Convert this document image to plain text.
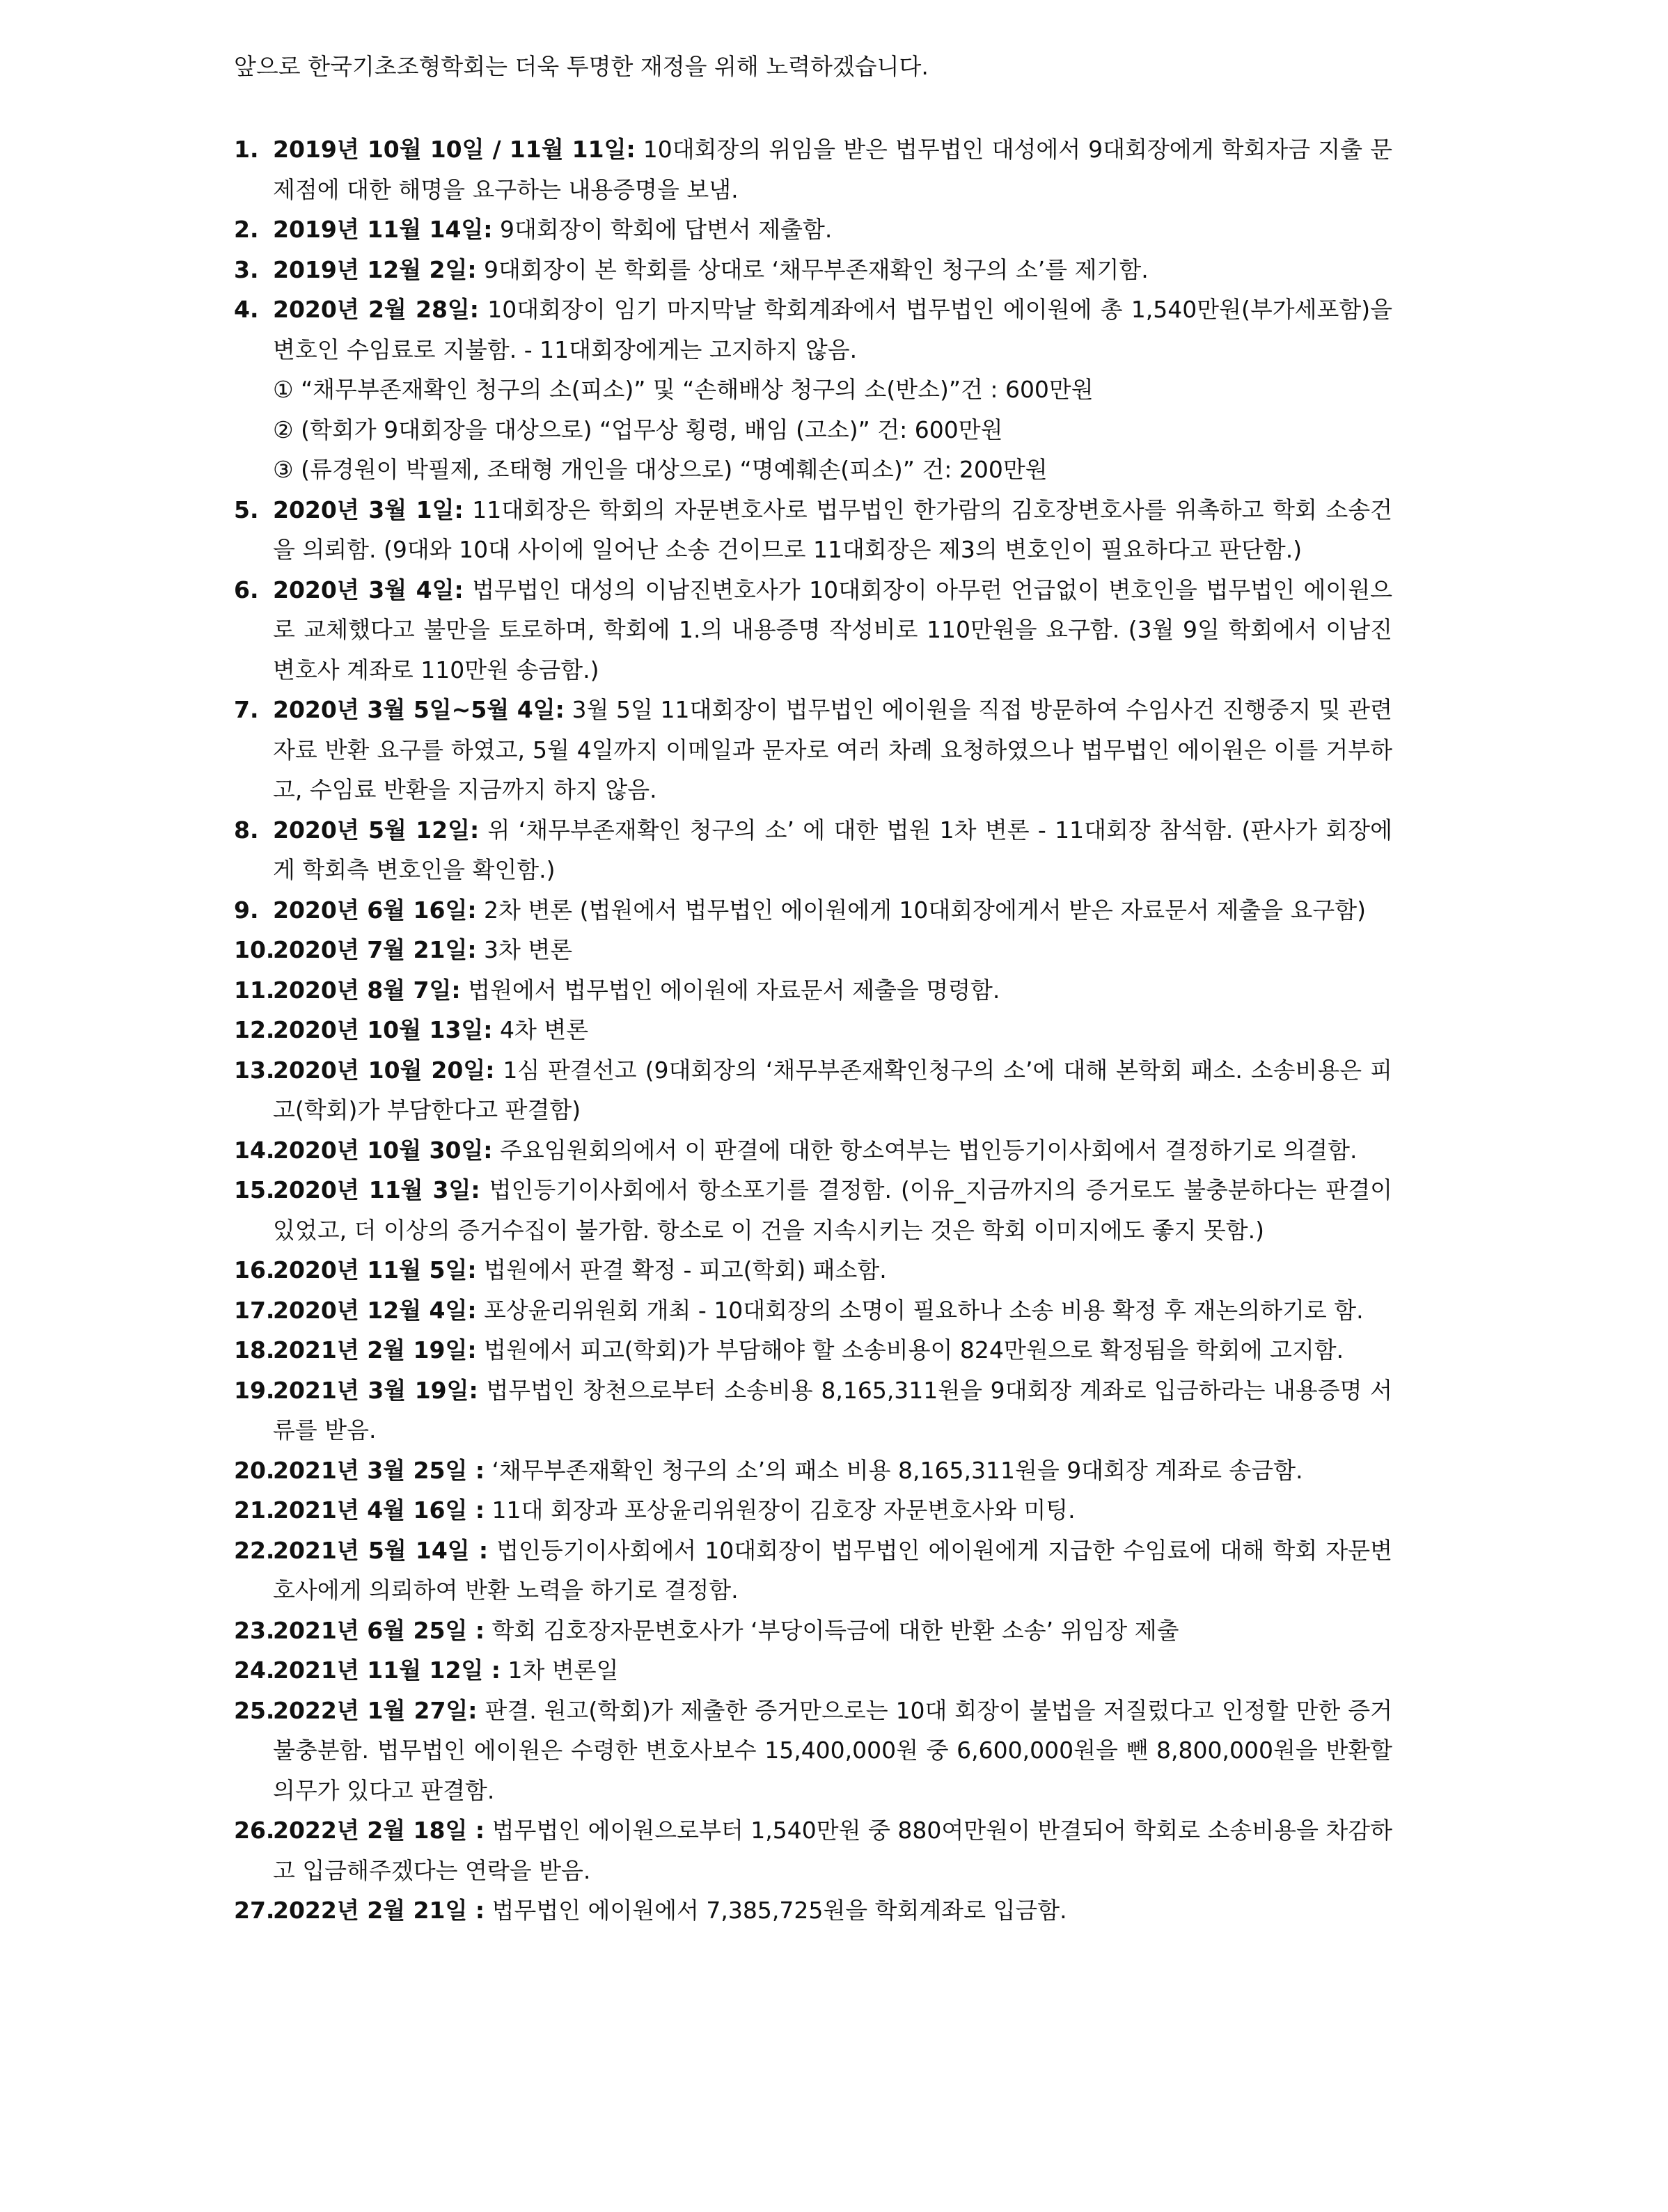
앞으로 한국기초조형학회는 더욱 투명한 재정을 위해 노력하겠습니다.

1. 2019년 10월 10일 / 11월 11일: 10대회장의 위임을 받은 법무법인 대성에서 9대회장에게 학회자금 지출 문제점에 대한 해명을 요구하는 내용증명을 보냄.
2. 2019년 11월 14일: 9대회장이 학회에 답변서 제출함.
3. 2019년 12월 2일: 9대회장이 본 학회를 상대로 ‘채무부존재확인 청구의 소’를 제기함.
4. 2020년 2월 28일: 10대회장이 임기 마지막날 학회계좌에서 법무법인 에이원에 총 1,540만원(부가세포함)을 변호인 수임료로 지불함. - 11대회장에게는 고지하지 않음.
① “채무부존재확인 청구의 소(피소)” 및 “손해배상 청구의 소(반소)”건 : 600만원
② (학회가 9대회장을 대상으로) “업무상 횡령, 배임 (고소)” 건: 600만원
③ (류경원이 박필제, 조태형 개인을 대상으로) “명예훼손(피소)” 건: 200만원
5. 2020년 3월 1일: 11대회장은 학회의 자문변호사로 법무법인 한가람의 김호장변호사를 위촉하고 학회 소송건을 의뢰함. (9대와 10대 사이에 일어난 소송 건이므로 11대회장은 제3의 변호인이 필요하다고 판단함.)
6. 2020년 3월 4일: 법무법인 대성의 이남진변호사가 10대회장이 아무런 언급없이 변호인을 법무법인 에이원으로 교체했다고 불만을 토로하며, 학회에 1.의 내용증명 작성비로 110만원을 요구함. (3월 9일 학회에서 이남진변호사 계좌로 110만원 송금함.)
7. 2020년 3월 5일~5월 4일: 3월 5일 11대회장이 법무법인 에이원을 직접 방문하여 수임사건 진행중지 및 관련자료 반환 요구를 하였고, 5월 4일까지 이메일과 문자로 여러 차례 요청하였으나 법무법인 에이원은 이를 거부하고, 수임료 반환을 지금까지 하지 않음.
8. 2020년 5월 12일: 위 ‘채무부존재확인 청구의 소’ 에 대한 법원 1차 변론 - 11대회장 참석함. (판사가 회장에게 학회측 변호인을 확인함.)
9. 2020년 6월 16일: 2차 변론 (법원에서 법무법인 에이원에게 10대회장에게서 받은 자료문서 제출을 요구함)
10.
2020년 7월 21일: 3차 변론
11.
2020년 8월 7일: 법원에서 법무법인 에이원에 자료문서 제출을 명령함.
12.
2020년 10월 13일: 4차 변론
13.
2020년 10월 20일: 1심 판결선고 (9대회장의 ‘채무부존재확인청구의 소’에 대해 본학회 패소. 소송비용은 피고(학회)가 부담한다고 판결함)
14.
2020년 10월 30일: 주요임원회의에서 이 판결에 대한 항소여부는 법인등기이사회에서 결정하기로 의결함.
15.
2020년 11월 3일: 법인등기이사회에서 항소포기를 결정함. (이유_지금까지의 증거로도 불충분하다는 판결이 있었고, 더 이상의 증거수집이 불가함. 항소로 이 건을 지속시키는 것은 학회 이미지에도 좋지 못함.)
16.
2020년 11월 5일: 법원에서 판결 확정 - 피고(학회) 패소함.
17.
2020년 12월 4일: 포상윤리위원회 개최 - 10대회장의 소명이 필요하나 소송 비용 확정 후 재논의하기로 함.
18.
2021년 2월 19일: 법원에서 피고(학회)가 부담해야 할 소송비용이 824만원으로 확정됨을 학회에 고지함.
19.
2021년 3월 19일: 법무법인 창천으로부터 소송비용 8,165,311원을 9대회장 계좌로 입금하라는 내용증명 서류를 받음.
20.
2021년 3월 25일 : ‘채무부존재확인 청구의 소’의 패소 비용 8,165,311원을 9대회장 계좌로 송금함.
21.
2021년 4월 16일 : 11대 회장과 포상윤리위원장이 김호장 자문변호사와 미팅.
22.
2021년 5월 14일 : 법인등기이사회에서 10대회장이 법무법인 에이원에게 지급한 수임료에 대해 학회 자문변호사에게 의뢰하여 반환 노력을 하기로 결정함.
23.
2021년 6월 25일 : 학회 김호장자문변호사가 ‘부당이득금에 대한 반환 소송’ 위임장 제출
24.
2021년 11월 12일 : 1차 변론일
25.
2022년 1월 27일: 판결. 원고(학회)가 제출한 증거만으로는 10대 회장이 불법을 저질렀다고 인정할 만한 증거 불충분함. 법무법인 에이원은 수령한 변호사보수 15,400,000원 중 6,600,000원을 뺀 8,800,000원을 반환할 의무가 있다고 판결함.
26.
2022년 2월 18일 : 법무법인 에이원으로부터 1,540만원 중 880여만원이 반결되어 학회로 소송비용을 차감하고 입금해주겠다는 연락을 받음.
27.
2022년 2월 21일 : 법무법인 에이원에서 7,385,725원을 학회계좌로 입금함.
